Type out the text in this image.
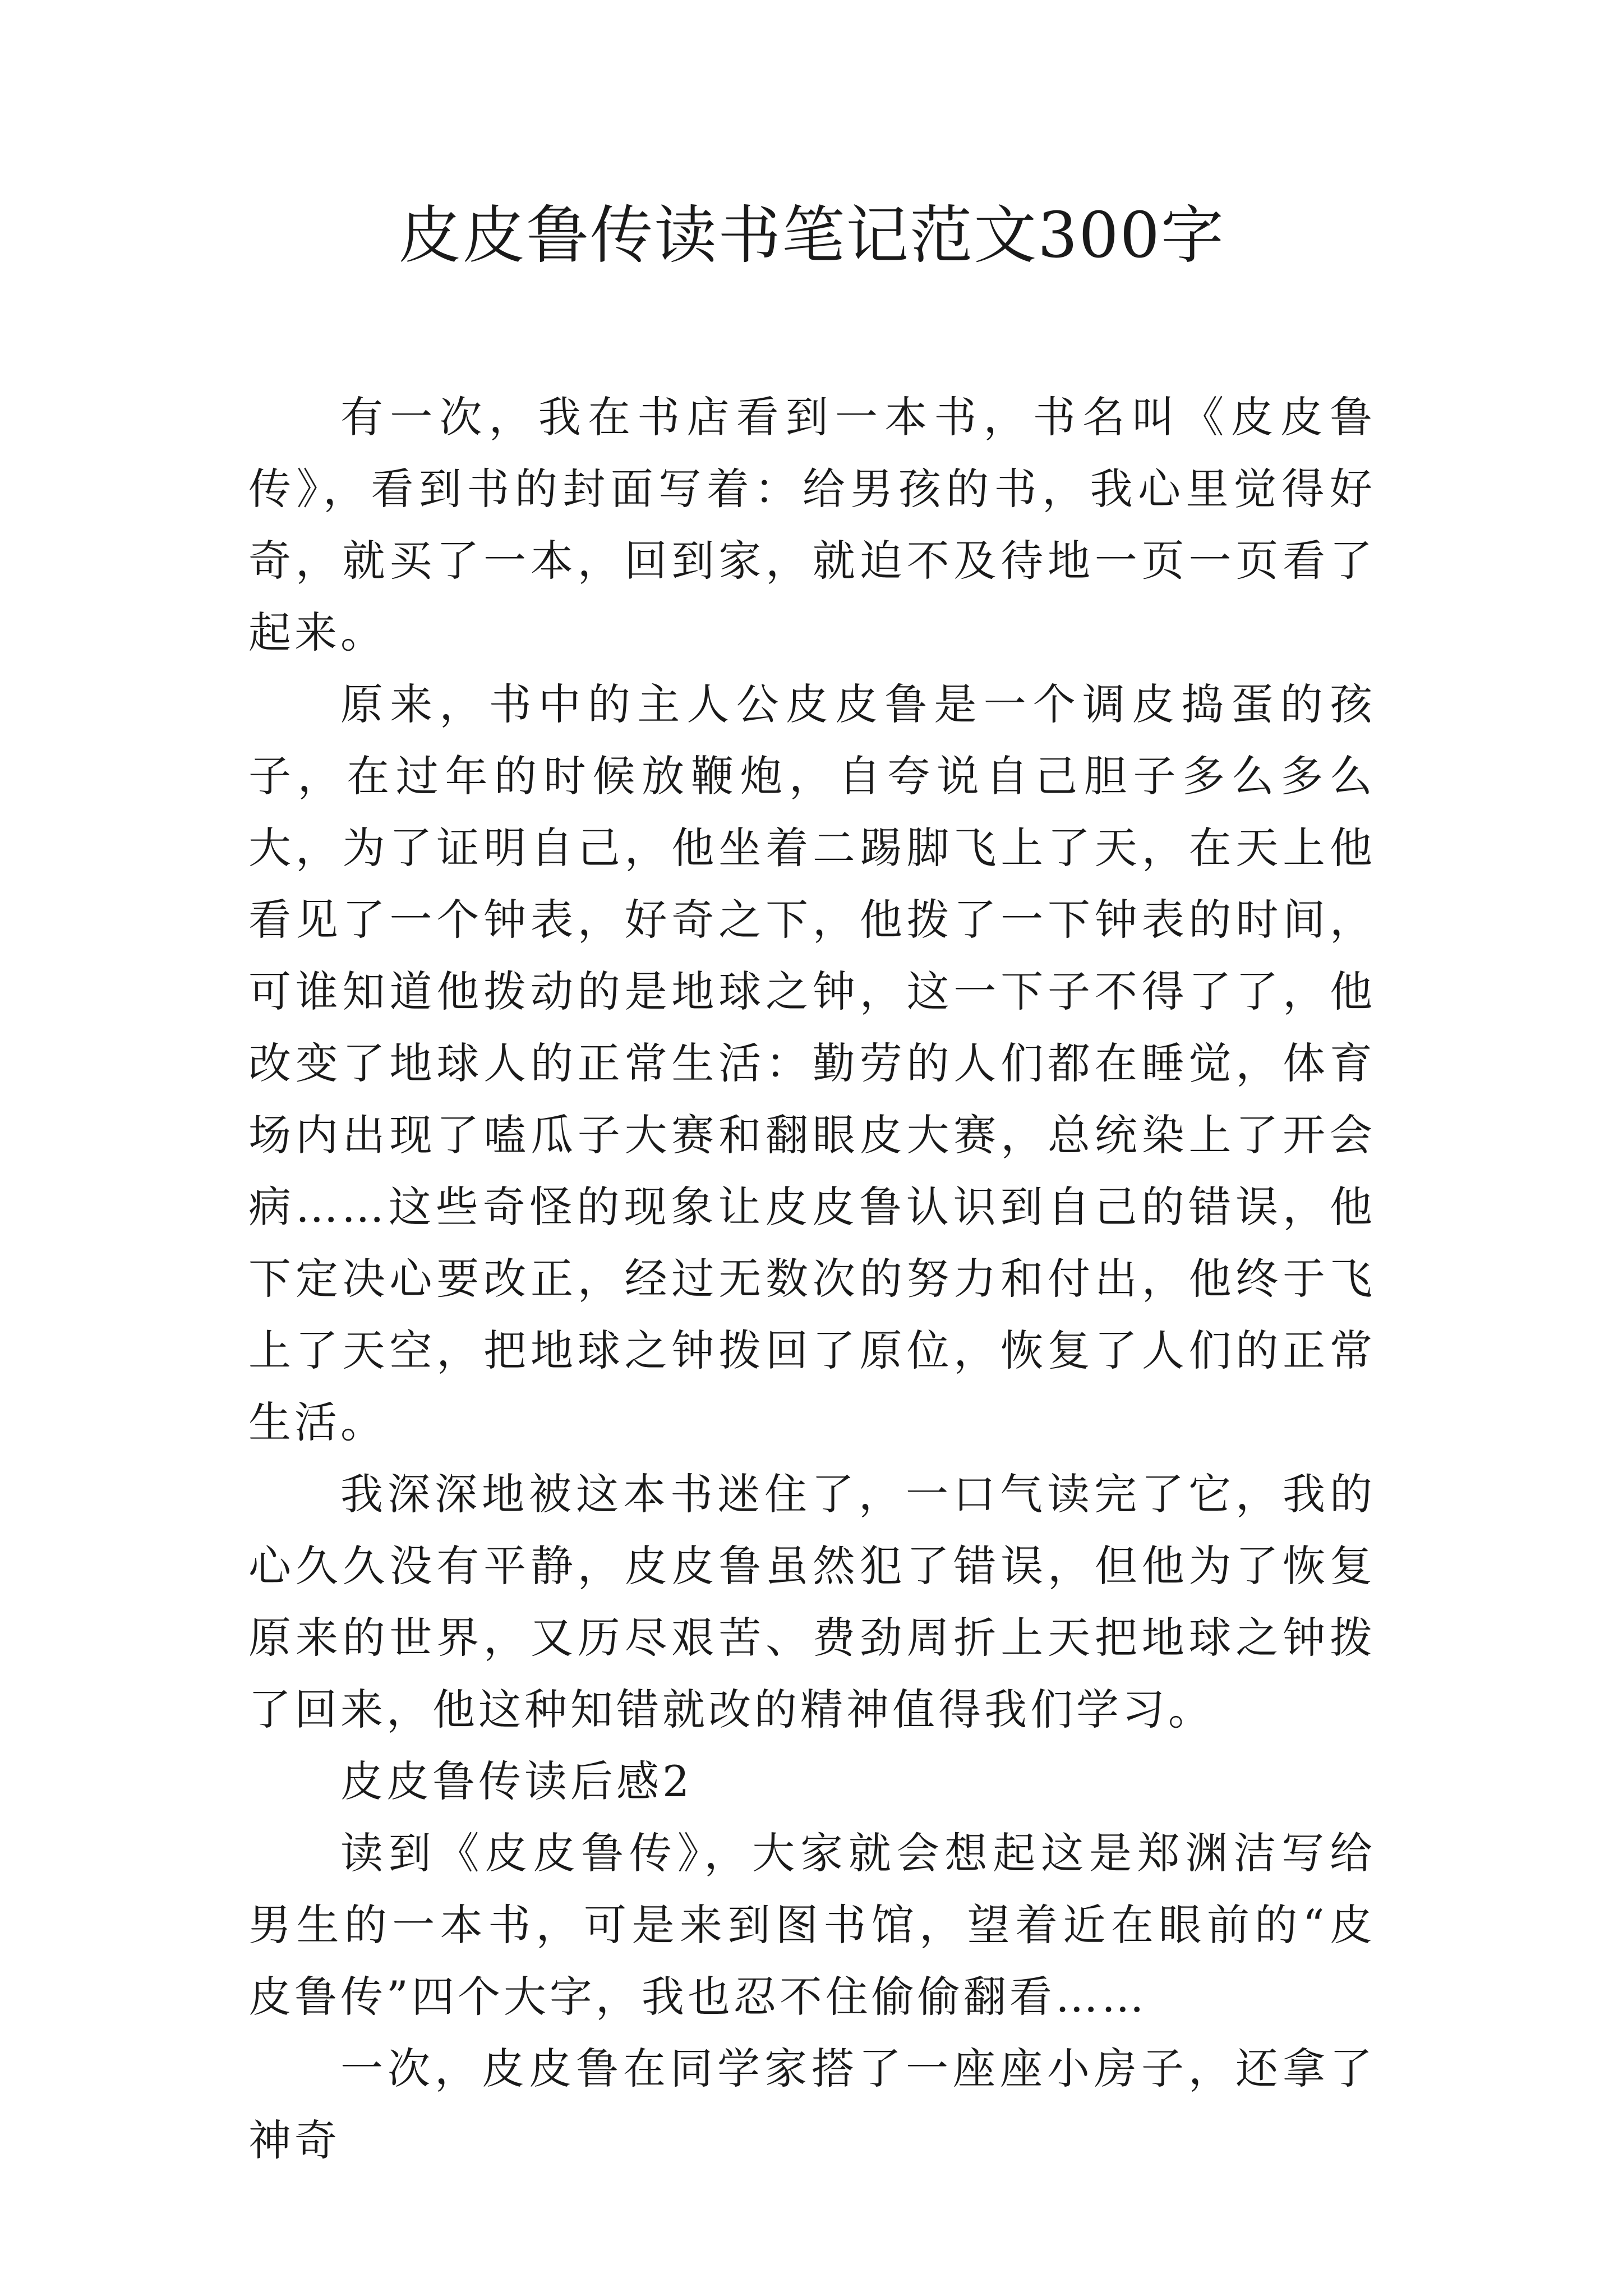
皮皮鲁传读书笔记范文300字

有一次，我在书店看到一本书，书名叫《皮皮鲁传》，看到书的封面写着：给男孩的书，我心里觉得好奇，就买了一本，回到家，就迫不及待地一页一页看了起来。

原来，书中的主人公皮皮鲁是一个调皮捣蛋的孩子，在过年的时候放鞭炮，自夸说自己胆子多么多么大，为了证明自己，他坐着二踢脚飞上了天，在天上他看见了一个钟表，好奇之下，他拨了一下钟表的时间，可谁知道他拨动的是地球之钟，这一下子不得了了，他改变了地球人的正常生活：勤劳的人们都在睡觉，体育场内出现了嗑瓜子大赛和翻眼皮大赛，总统染上了开会病……这些奇怪的现象让皮皮鲁认识到自己的错误，他下定决心要改正，经过无数次的努力和付出，他终于飞上了天空，把地球之钟拨回了原位，恢复了人们的正常生活。

我深深地被这本书迷住了，一口气读完了它，我的心久久没有平静，皮皮鲁虽然犯了错误，但他为了恢复原来的世界，又历尽艰苦、费劲周折上天把地球之钟拨了回来，他这种知错就改的精神值得我们学习。

皮皮鲁传读后感2

读到《皮皮鲁传》，大家就会想起这是郑渊洁写给男生的一本书，可是来到图书馆，望着近在眼前的“皮皮鲁传”四个大字，我也忍不住偷偷翻看……

一次，皮皮鲁在同学家搭了一座座小房子，还拿了神奇
